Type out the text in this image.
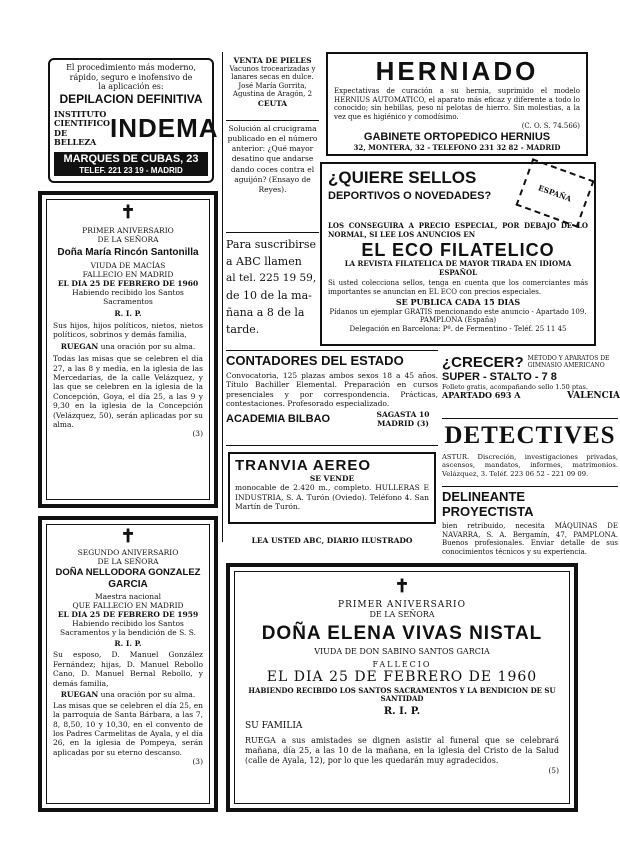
El procedimiento más moderno,
rápido, seguro e inofensivo de
la aplicación es:
DEPILACION DEFINITIVA
INSTITUTO
CIENTIFICO
DE
BELLEZA INDEMA
MARQUES DE CUBAS, 23
TELEF. 221 23 19 - MADRID
✝
PRIMER ANIVERSARIO
DE LA SEÑORA
Doña María Rincón Santonilla
VIUDA DE MACÍAS
FALLECIO EN MADRID
EL DIA 25 DE FEBRERO DE 1960
Habiendo recibido los Santos Sacramentos
R. I. P.
Sus hijos, hijos políticos, nietos, nietos políticos, sobrinos y demás familia,
RUEGAN una oración por su alma.
Todas las misas que se celebren el día 27, a las 8 y media, en la iglesia de las Mercedarias, de la calle Velázquez, y las que se celebren en la iglesia de la Concepción, Goya, el día 25, a las 9 y 9,30 en la iglesia de la Concepción (Velázquez, 50), serán aplicadas por su alma.
(3)
✝
SEGUNDO ANIVERSARIO
DE LA SEÑORA
DOÑA NELLODORA GONZALEZ
GARCIA
Maestra nacional
QUE FALLECIO EN MADRID
EL DIA 25 DE FEBRERO DE 1959
Habiendo recibido los Santos Sacramentos y la bendición de S. S.
R. I. P.
Su esposo, D. Manuel González Fernández; hijas, D. Manuel Rebollo Cano, D. Manuel Bernal Rebollo, y demás familia,
RUEGAN una oración por su alma.
Las misas que se celebren el día 25, en la parroquia de Santa Bárbara, a las 7, 8, 8,50, 10 y 10,30, en el convento de los Padres Carmelitas de Ayala, y el día 26, en la iglesia de Pompeya, serán aplicadas por su eterno descanso.
(3)
VENTA DE PIELES
Vacunos trocearizadas y lanares secas en dulce. José María Gorrita, Agustina de Aragón, 2
CEUTA
Solución al crucigrama publicado en el número anterior: ¿Qué mayor desatino que andarse dando coces contra el aguijón? (Ensayo de Reyes).
Para suscribirse
a ABC llamen
al tel. 225 19 59,
de 10 de la ma-
ñana a 8 de la
tarde.
CONTADORES DEL ESTADO
Convocatoria, 125 plazas ambos sexos 18 a 45 años. Título Bachiller Elemental. Preparación en cursos presenciales y por correspondencia. Prácticas, contestaciones. Profesorado especializado.
ACADEMIA BILBAO	SAGASTA 10 MADRID (3)
TRANVIA AEREO
SE VENDE
monocable de 2.420 m., completo. HULLERAS E INDUSTRIA, S. A. Turón (Oviedo). Teléfono 4. San Martín de Turón.
LEA USTED ABC, DIARIO ILUSTRADO
HERNIADO
Expectativas de curación a su hernia, suprimido el modelo HERNIUS AUTOMATICO, el aparato más eficaz y diferente a todo lo conocido; sin hebillas, peso ni pelotas de hierro. Sin molestias, a la vez que es higiénico y comodísimo.
(C. O. S. 74.566)
GABINETE ORTOPEDICO HERNIUS
32, MONTERA, 32 - TELEFONO 231 32 82 - MADRID
¿QUIERE SELLOS
DEPORTIVOS O NOVEDADES?	ESPAÑA
LOS CONSEGUIRA A PRECIO ESPECIAL, POR DEBAJO DE LO NORMAL, SI LEE LOS ANUNCIOS EN
EL ECO FILATELICO
LA REVISTA FILATELICA DE MAYOR TIRADA EN IDIOMA ESPAÑOL
Si usted colecciona sellos, tenga en cuenta que los comerciantes más importantes se anuncian en EL ECO con precios especiales.
SE PUBLICA CADA 15 DIAS
Pídanos un ejemplar GRATIS mencionando este anuncio - Apartado 109. PAMPLONA (España)
Delegación en Barcelona: Pº. de Fermentino - Teléf. 25 11 45
¿CRECER? MÉTODO Y APARATOS DE GIMNASIO AMERICANO
SUPER - STALTO - 7 8
Folleto gratis, acompañando sello 1.50 ptas.
APARTADO 693 A	VALENCIA
DETECTIVES
ASTUR. Discreción, investigaciones privadas, ascensos, mandatos, informes, matrimonios. Velázquez, 3. Teléf. 223 06 52 - 221 09 09.
DELINEANTE PROYECTISTA
bien retribuido, necesita MÁQUINAS DE NAVARRA, S. A. Bergamín, 47, PAMPLONA. Buenos profesionales. Enviar detalle de sus conocimientos técnicos y su experiencia.
✝
PRIMER ANIVERSARIO
DE LA SEÑORA
DOÑA ELENA VIVAS NISTAL
VIUDA DE DON SABINO SANTOS GARCIA
FALLECIO
EL DIA 25 DE FEBRERO DE 1960
HABIENDO RECIBIDO LOS SANTOS SACRAMENTOS Y LA BENDICION DE SU SANTIDAD
R. I. P.
SU FAMILIA
RUEGA a sus amistades se dignen asistir al funeral que se celebrará mañana, día 25, a las 10 de la mañana, en la iglesia del Cristo de la Salud (calle de Ayala, 12), por lo que les quedarán muy agradecidos.
(5)
